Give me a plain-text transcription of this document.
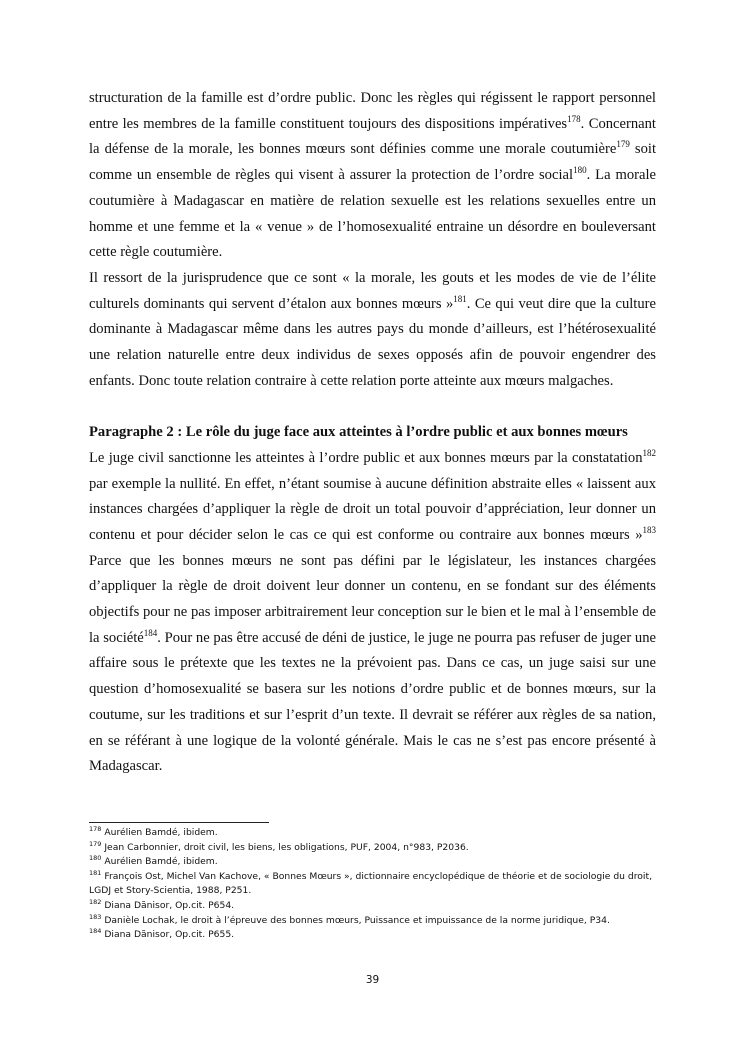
structuration de la famille est d’ordre public. Donc les règles qui régissent le rapport personnel entre les membres de la famille constituent toujours des dispositions impératives$^{178}$. Concernant la défense de la morale, les bonnes mœurs sont définies comme une morale coutumière$^{179}$ soit comme un ensemble de règles qui visent à assurer la protection de l’ordre social$^{180}$. La morale coutumière à Madagascar en matière de relation sexuelle est les relations sexuelles entre un homme et une femme et la « venue » de l’homosexualité entraine un désordre en bouleversant cette règle coutumière.

Il ressort de la jurisprudence que ce sont « la morale, les gouts et les modes de vie de l’élite culturels dominants qui servent d’étalon aux bonnes mœurs »$^{181}$. Ce qui veut dire que la culture dominante à Madagascar même dans les autres pays du monde d’ailleurs, est l’hétérosexualité une relation naturelle entre deux individus de sexes opposés afin de pouvoir engendrer des enfants. Donc toute relation contraire à cette relation porte atteinte aux mœurs malgaches.

Paragraphe 2 : Le rôle du juge face aux atteintes à l’ordre public et aux bonnes mœurs

Le juge civil sanctionne les atteintes à l’ordre public et aux bonnes mœurs par la constatation$^{182}$ par exemple la nullité. En effet, n’étant soumise à aucune définition abstraite elles « laissent aux instances chargées d’appliquer la règle de droit un total pouvoir d’appréciation, leur donner un contenu et pour décider selon le cas ce qui est conforme ou contraire aux bonnes mœurs »$^{183}$ Parce que les bonnes mœurs ne sont pas défini par le législateur, les instances chargées d’appliquer la règle de droit doivent leur donner un contenu, en se fondant sur des éléments objectifs pour ne pas imposer arbitrairement leur conception sur le bien et le mal à l’ensemble de la société$^{184}$. Pour ne pas être accusé de déni de justice, le juge ne pourra pas refuser de juger une affaire sous le prétexte que les textes ne la prévoient pas. Dans ce cas, un juge saisi sur une question d’homosexualité se basera sur les notions d’ordre public et de bonnes mœurs, sur la coutume, sur les traditions et sur l’esprit d’un texte. Il devrait se référer aux règles de sa nation, en se référant à une logique de la volonté générale. Mais le cas ne s’est pas encore présenté à Madagascar.

$^{178}$ Aurélien Bamdé, ibidem.
$^{179}$ Jean Carbonnier, droit civil, les biens, les obligations, PUF, 2004, n°983, P2036.
$^{180}$ Aurélien Bamdé, ibidem.
$^{181}$ François Ost, Michel Van Kachove, « Bonnes Mœurs », dictionnaire encyclopédique de théorie et de sociologie du droit, LGDJ et Story-Scientia, 1988, P251.
$^{182}$ Diana Dãnisor, Op.cit. P654.
$^{183}$ Danièle Lochak, le droit à l’épreuve des bonnes mœurs, Puissance et impuissance de la norme juridique, P34.
$^{184}$ Diana Dãnisor, Op.cit. P655.
39
